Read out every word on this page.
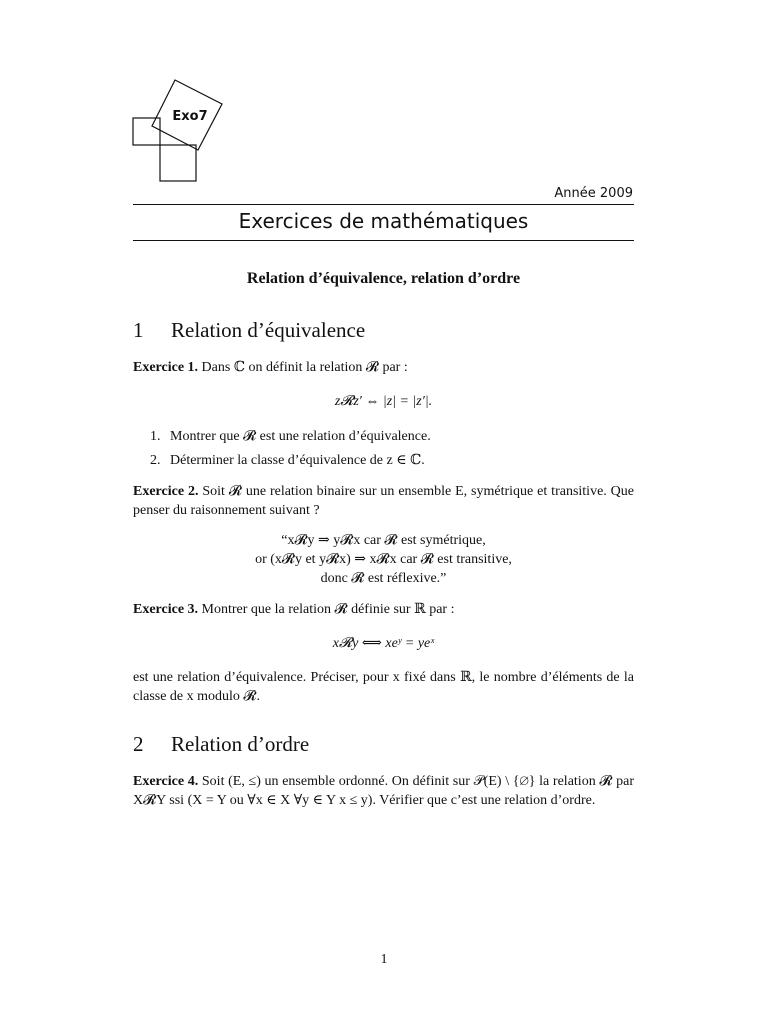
Exo7
Année 2009
Exercices de mathématiques
Relation d’équivalence, relation d’ordre
1 Relation d’équivalence
Exercice 1. Dans ℂ on définit la relation 𝓡 par :
z𝓡z′ ⇔ |z| = |z′|.
1. Montrer que 𝓡 est une relation d’équivalence.
2. Déterminer la classe d’équivalence de z ∈ ℂ.
Exercice 2. Soit 𝓡 une relation binaire sur un ensemble E, symétrique et transitive. Que penser du raisonnement suivant ?
“x𝓡y ⇒ y𝓡x car 𝓡 est symétrique,
or (x𝓡y et y𝓡x) ⇒ x𝓡x car 𝓡 est transitive,
donc 𝓡 est réflexive.”
Exercice 3. Montrer que la relation 𝓡 définie sur ℝ par :
x𝓡y ⟺ xeʸ = yeˣ
est une relation d’équivalence. Préciser, pour x fixé dans ℝ, le nombre d’éléments de la classe de x modulo 𝓡.
2 Relation d’ordre
Exercice 4. Soit (E, ≤) un ensemble ordonné. On définit sur 𝒫(E) \ {∅} la relation 𝓡 par X𝓡Y ssi (X = Y ou ∀x ∈ X ∀y ∈ Y x ≤ y). Vérifier que c’est une relation d’ordre.
1
